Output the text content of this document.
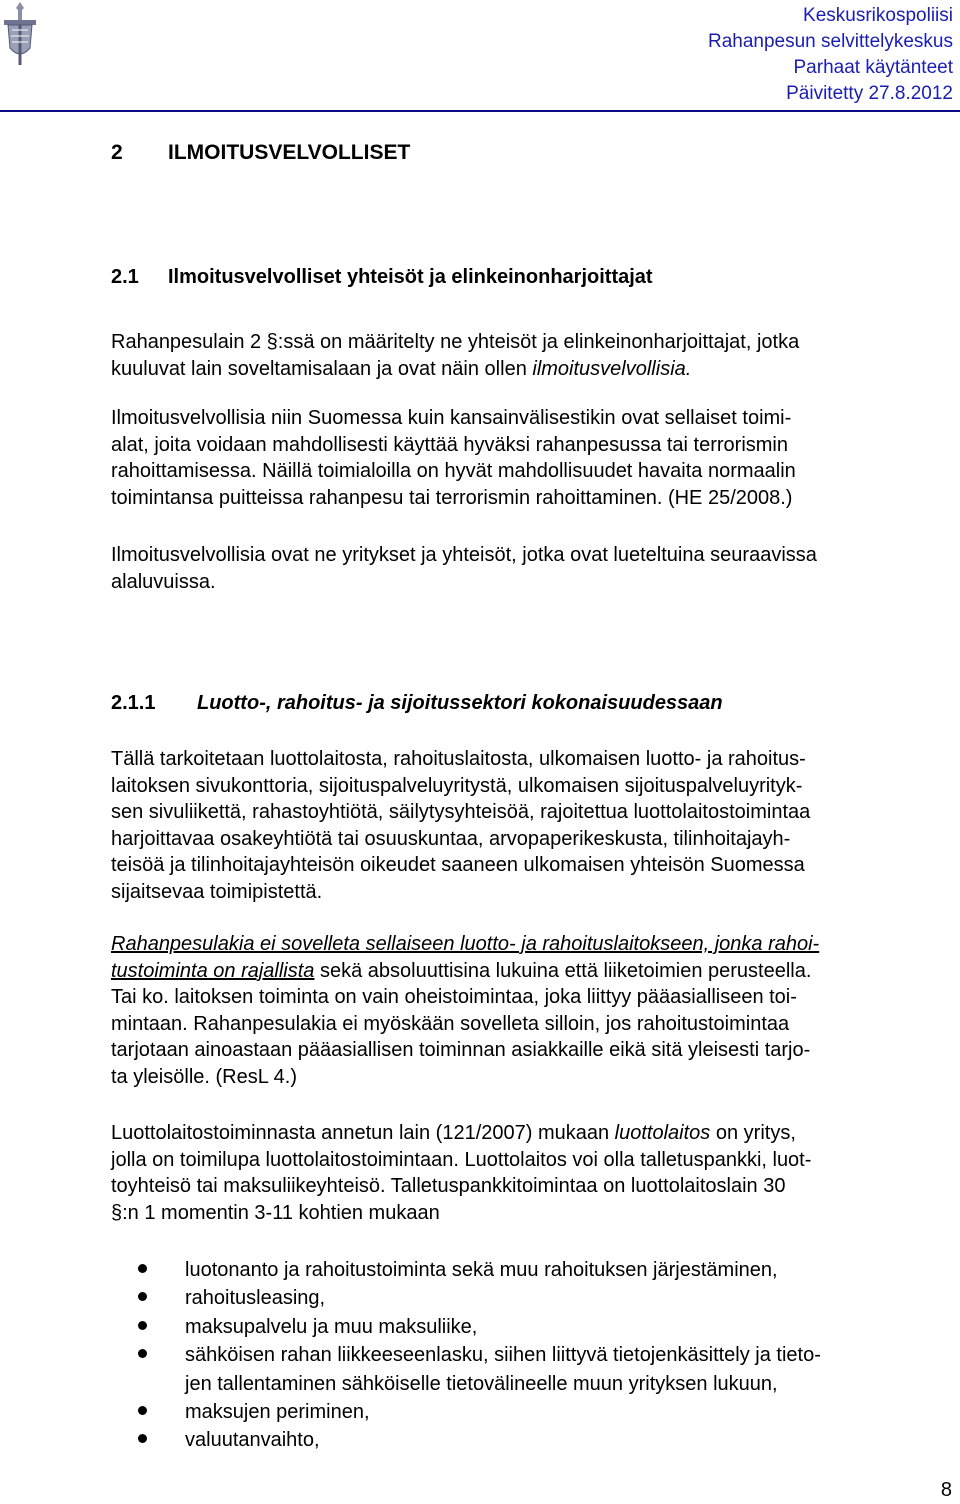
Keskusrikospoliisi
Rahanpesun selvittelykeskus
Parhaat käytänteet
Päivitetty 27.8.2012
2 ILMOITUSVELVOLLISET
2.1 Ilmoitusvelvolliset yhteisöt ja elinkeinonharjoittajat

Rahanpesulain 2 §:ssä on määritelty ne yhteisöt ja elinkeinonharjoittajat, jotka
kuuluvat lain soveltamisalaan ja ovat näin ollen ilmoitusvelvollisia.

Ilmoitusvelvollisia niin Suomessa kuin kansainvälisestikin ovat sellaiset toimi-
alat, joita voidaan mahdollisesti käyttää hyväksi rahanpesussa tai terrorismin
rahoittamisessa. Näillä toimialoilla on hyvät mahdollisuudet havaita normaalin
toimintansa puitteissa rahanpesu tai terrorismin rahoittaminen. (HE 25/2008.)

Ilmoitusvelvollisia ovat ne yritykset ja yhteisöt, jotka ovat lueteltuina seuraavissa
alaluvuissa.

2.1.1 Luotto-, rahoitus- ja sijoitussektori kokonaisuudessaan

Tällä tarkoitetaan luottolaitosta, rahoituslaitosta, ulkomaisen luotto- ja rahoitus-
laitoksen sivukonttoria, sijoituspalveluyritystä, ulkomaisen sijoituspalveluyrityk-
sen sivuliikettä, rahastoyhtiötä, säilytysyhteisöä, rajoitettua luottolaitostoimintaa
harjoittavaa osakeyhtiötä tai osuuskuntaa, arvopaperikeskusta, tilinhoitajayh-
teisöä ja tilinhoitajayhteisön oikeudet saaneen ulkomaisen yhteisön Suomessa
sijaitsevaa toimipistettä.

Rahanpesulakia ei sovelleta sellaiseen luotto- ja rahoituslaitokseen, jonka rahoi-
tustoiminta on rajallista sekä absoluuttisina lukuina että liiketoimien perusteella.
Tai ko. laitoksen toiminta on vain oheistoimintaa, joka liittyy pääasialliseen toi-
mintaan. Rahanpesulakia ei myöskään sovelleta silloin, jos rahoitustoimintaa
tarjotaan ainoastaan pääasiallisen toiminnan asiakkaille eikä sitä yleisesti tarjo-
ta yleisölle. (ResL 4.)

Luottolaitostoiminnasta annetun lain (121/2007) mukaan luottolaitos on yritys,
jolla on toimilupa luottolaitostoimintaan. Luottolaitos voi olla talletuspankki, luot-
toyhteisö tai maksuliikeyhteisö. Talletuspankkitoimintaa on luottolaitoslain 30
§:n 1 momentin 3-11 kohtien mukaan

luotonanto ja rahoitustoiminta sekä muu rahoituksen järjestäminen,
rahoitusleasing,
maksupalvelu ja muu maksuliike,
sähköisen rahan liikkeeseenlasku, siihen liittyvä tietojenkäsittely ja tieto-
jen tallentaminen sähköiselle tietovälineelle muun yrityksen lukuun,
maksujen periminen,
valuutanvaihto,
8
